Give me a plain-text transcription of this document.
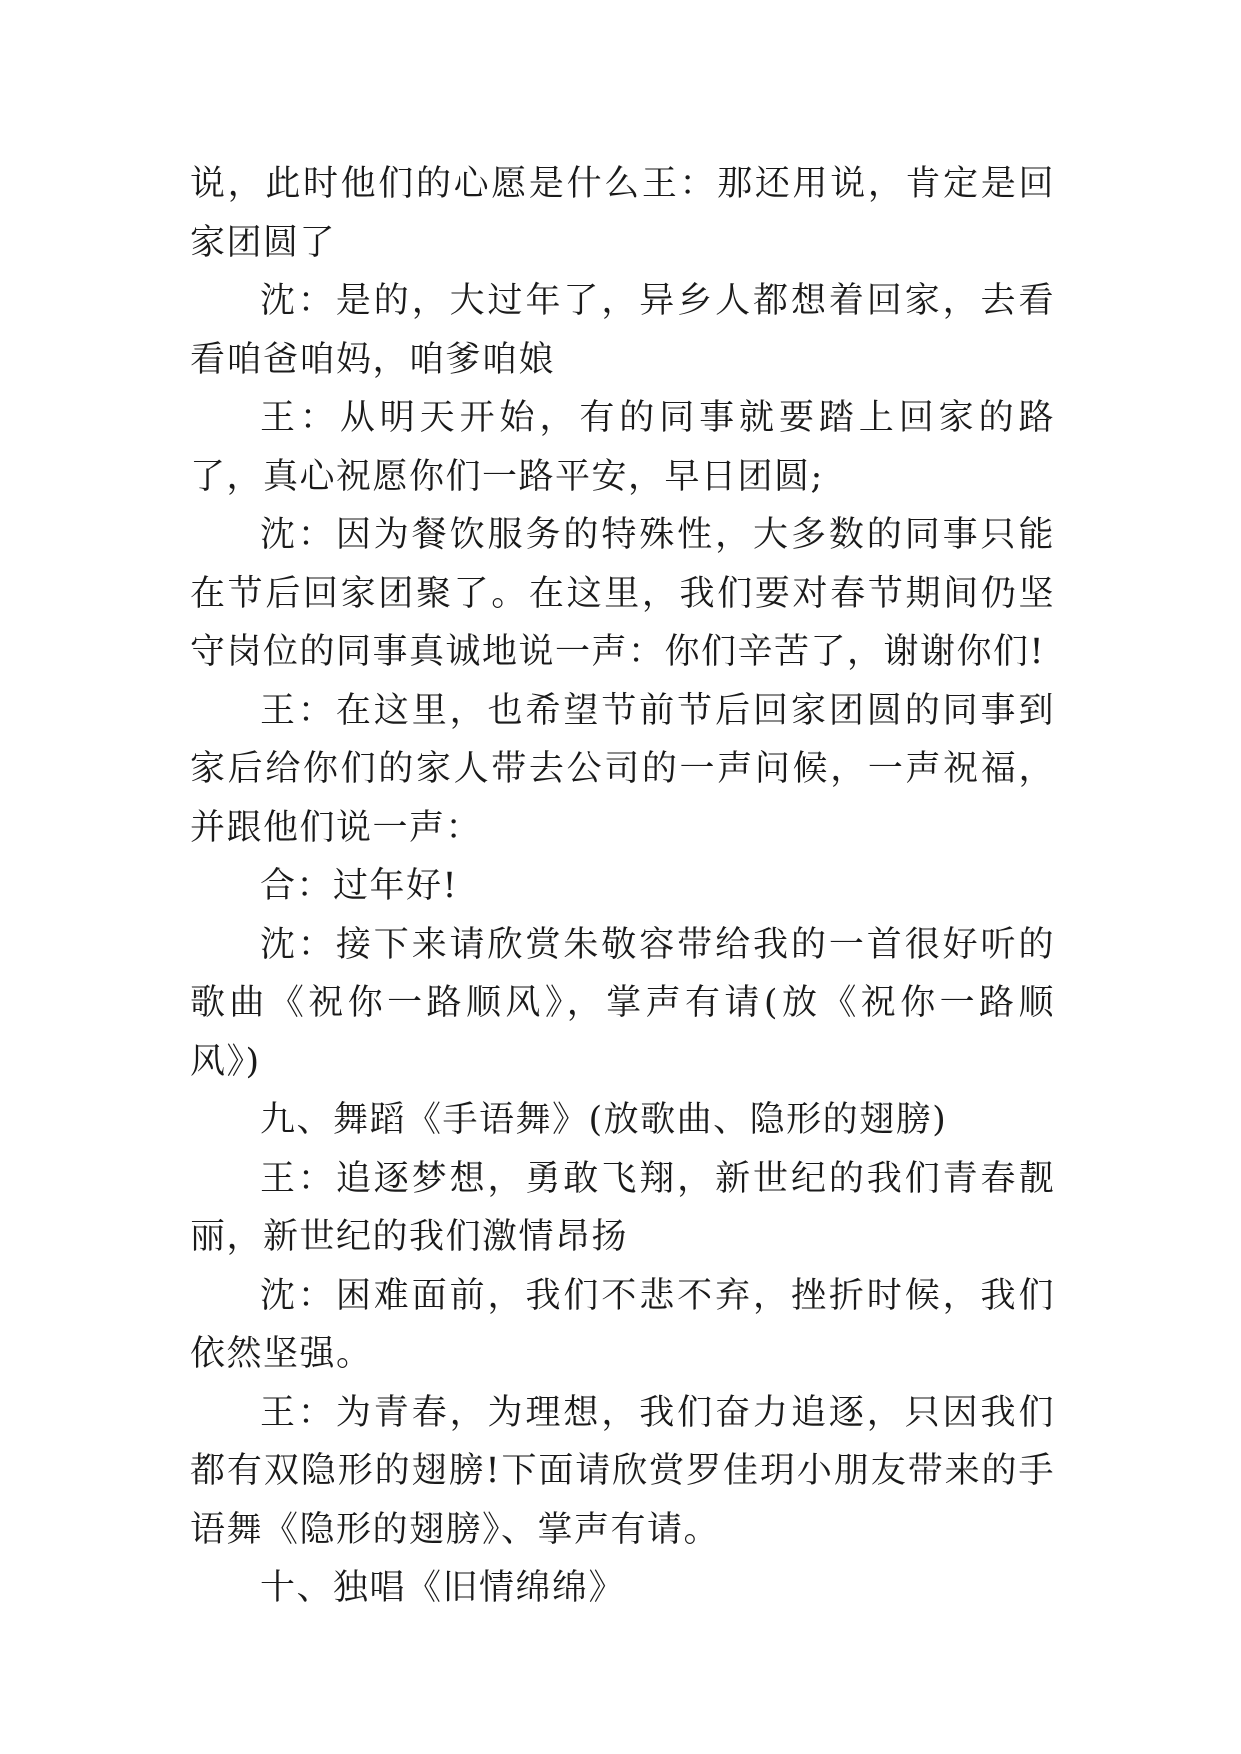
说，此时他们的心愿是什么王：那还用说，肯定是回家团圆了

沈：是的，大过年了，异乡人都想着回家，去看看咱爸咱妈，咱爹咱娘

王：从明天开始，有的同事就要踏上回家的路了，真心祝愿你们一路平安，早日团圆;

沈：因为餐饮服务的特殊性，大多数的同事只能在节后回家团聚了。在这里，我们要对春节期间仍坚守岗位的同事真诚地说一声：你们辛苦了，谢谢你们!

王：在这里，也希望节前节后回家团圆的同事到家后给你们的家人带去公司的一声问候，一声祝福，并跟他们说一声：

合：过年好!

沈：接下来请欣赏朱敬容带给我的一首很好听的歌曲《祝你一路顺风》，掌声有请(放《祝你一路顺风》)

九、舞蹈《手语舞》(放歌曲、隐形的翅膀)

王：追逐梦想，勇敢飞翔，新世纪的我们青春靓丽，新世纪的我们激情昂扬

沈：困难面前，我们不悲不弃，挫折时候，我们依然坚强。

王：为青春，为理想，我们奋力追逐，只因我们都有双隐形的翅膀!下面请欣赏罗佳玥小朋友带来的手语舞《隐形的翅膀》、掌声有请。

十、独唱《旧情绵绵》
